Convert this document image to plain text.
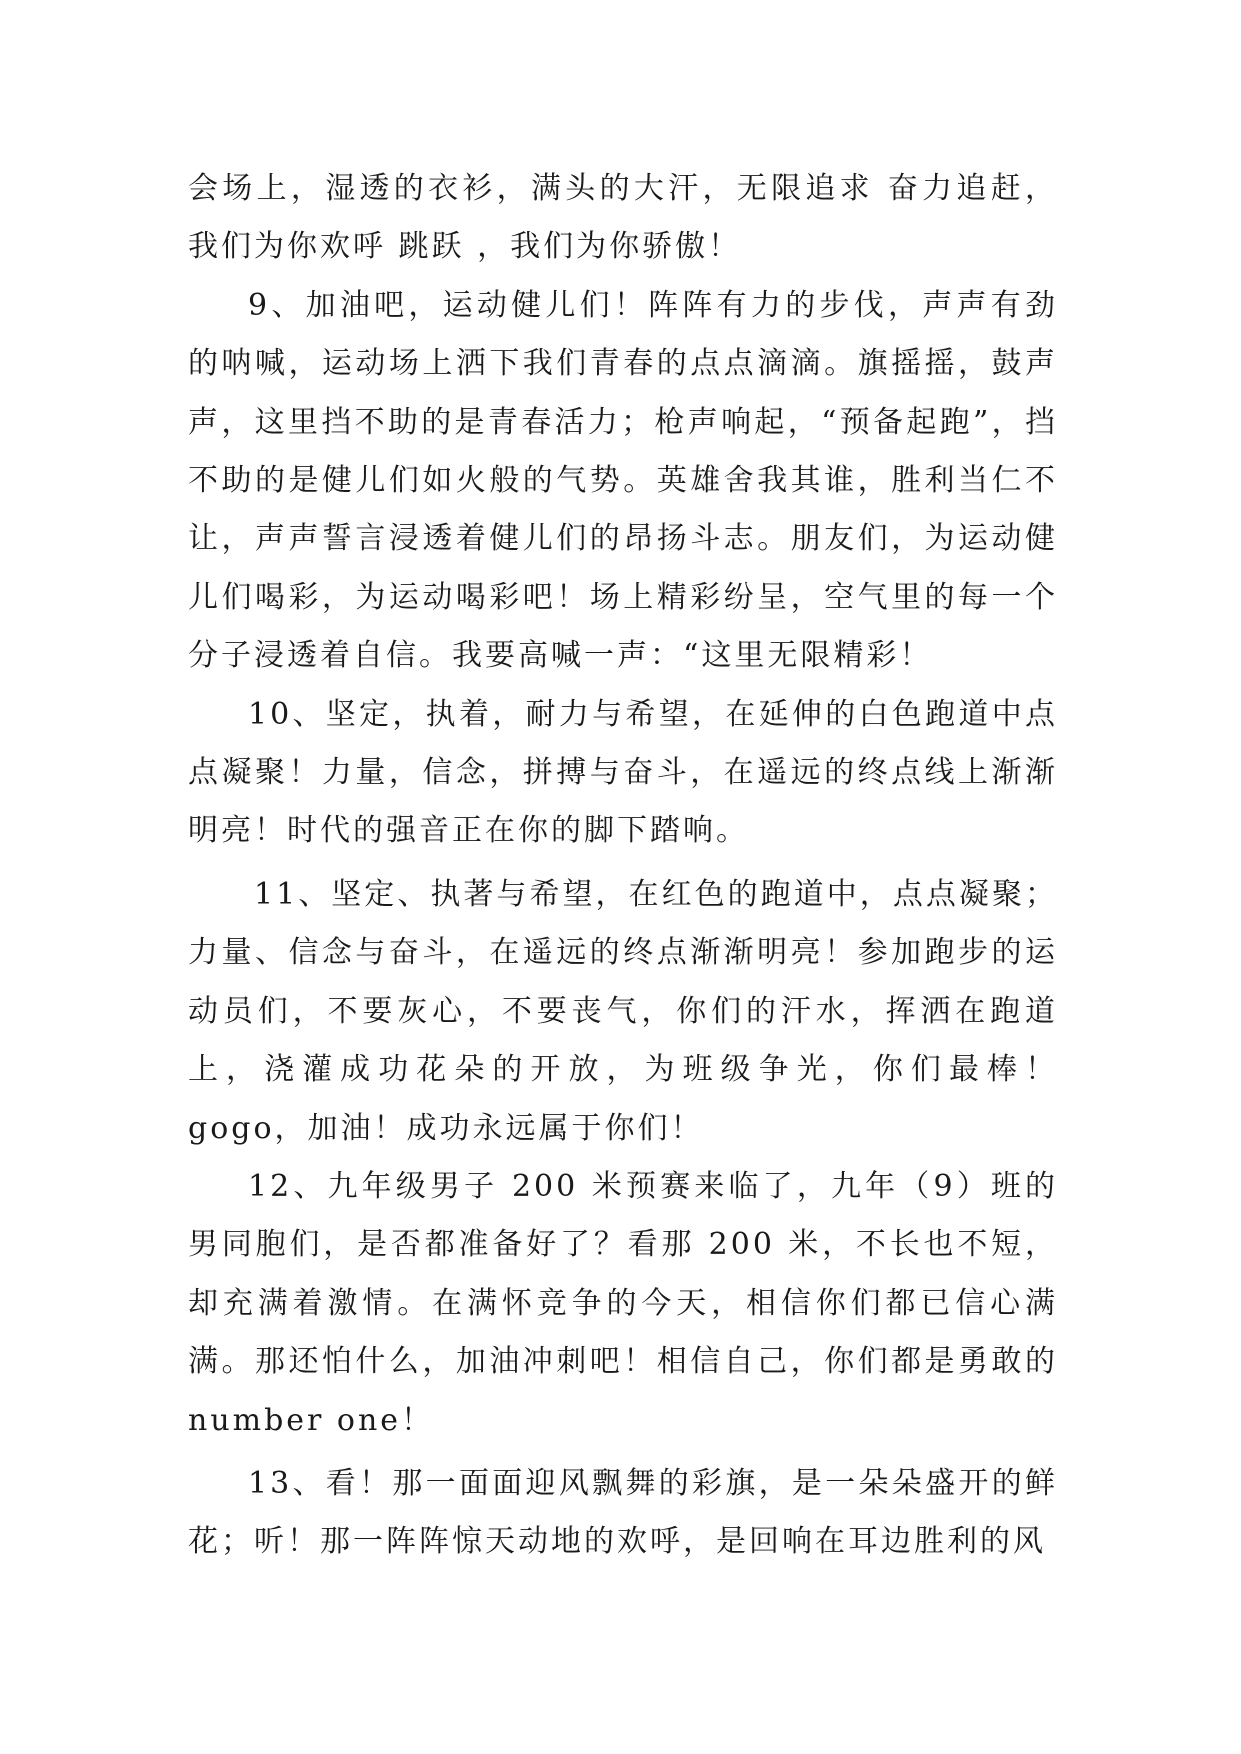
会场上，湿透的衣衫，满头的大汗，无限追求 奋力追赶，我们为你欢呼 跳跃 ，我们为你骄傲！

9、加油吧，运动健儿们！阵阵有力的步伐，声声有劲的呐喊，运动场上洒下我们青春的点点滴滴。旗摇摇，鼓声声，这里挡不助的是青春活力；枪声响起，“预备起跑”，挡不助的是健儿们如火般的气势。英雄舍我其谁，胜利当仁不让，声声誓言浸透着健儿们的昂扬斗志。朋友们，为运动健儿们喝彩，为运动喝彩吧！场上精彩纷呈，空气里的每一个分子浸透着自信。我要高喊一声：“这里无限精彩！

10、坚定，执着，耐力与希望，在延伸的白色跑道中点点凝聚！力量，信念，拼搏与奋斗，在遥远的终点线上渐渐明亮！时代的强音正在你的脚下踏响。

11、坚定、执著与希望，在红色的跑道中，点点凝聚；力量、信念与奋斗，在遥远的终点渐渐明亮！参加跑步的运动员们，不要灰心，不要丧气，你们的汗水，挥洒在跑道上，浇灌成功花朵的开放，为班级争光，你们最棒！gogo，加油！成功永远属于你们！

12、九年级男子 200 米预赛来临了，九年（9）班的男同胞们，是否都准备好了？看那 200 米，不长也不短，却充满着激情。在满怀竞争的今天，相信你们都已信心满满。那还怕什么，加油冲刺吧！相信自己，你们都是勇敢的 number one！

13、看！那一面面迎风飘舞的彩旗，是一朵朵盛开的鲜花；听！那一阵阵惊天动地的欢呼，是回响在耳边胜利的风
